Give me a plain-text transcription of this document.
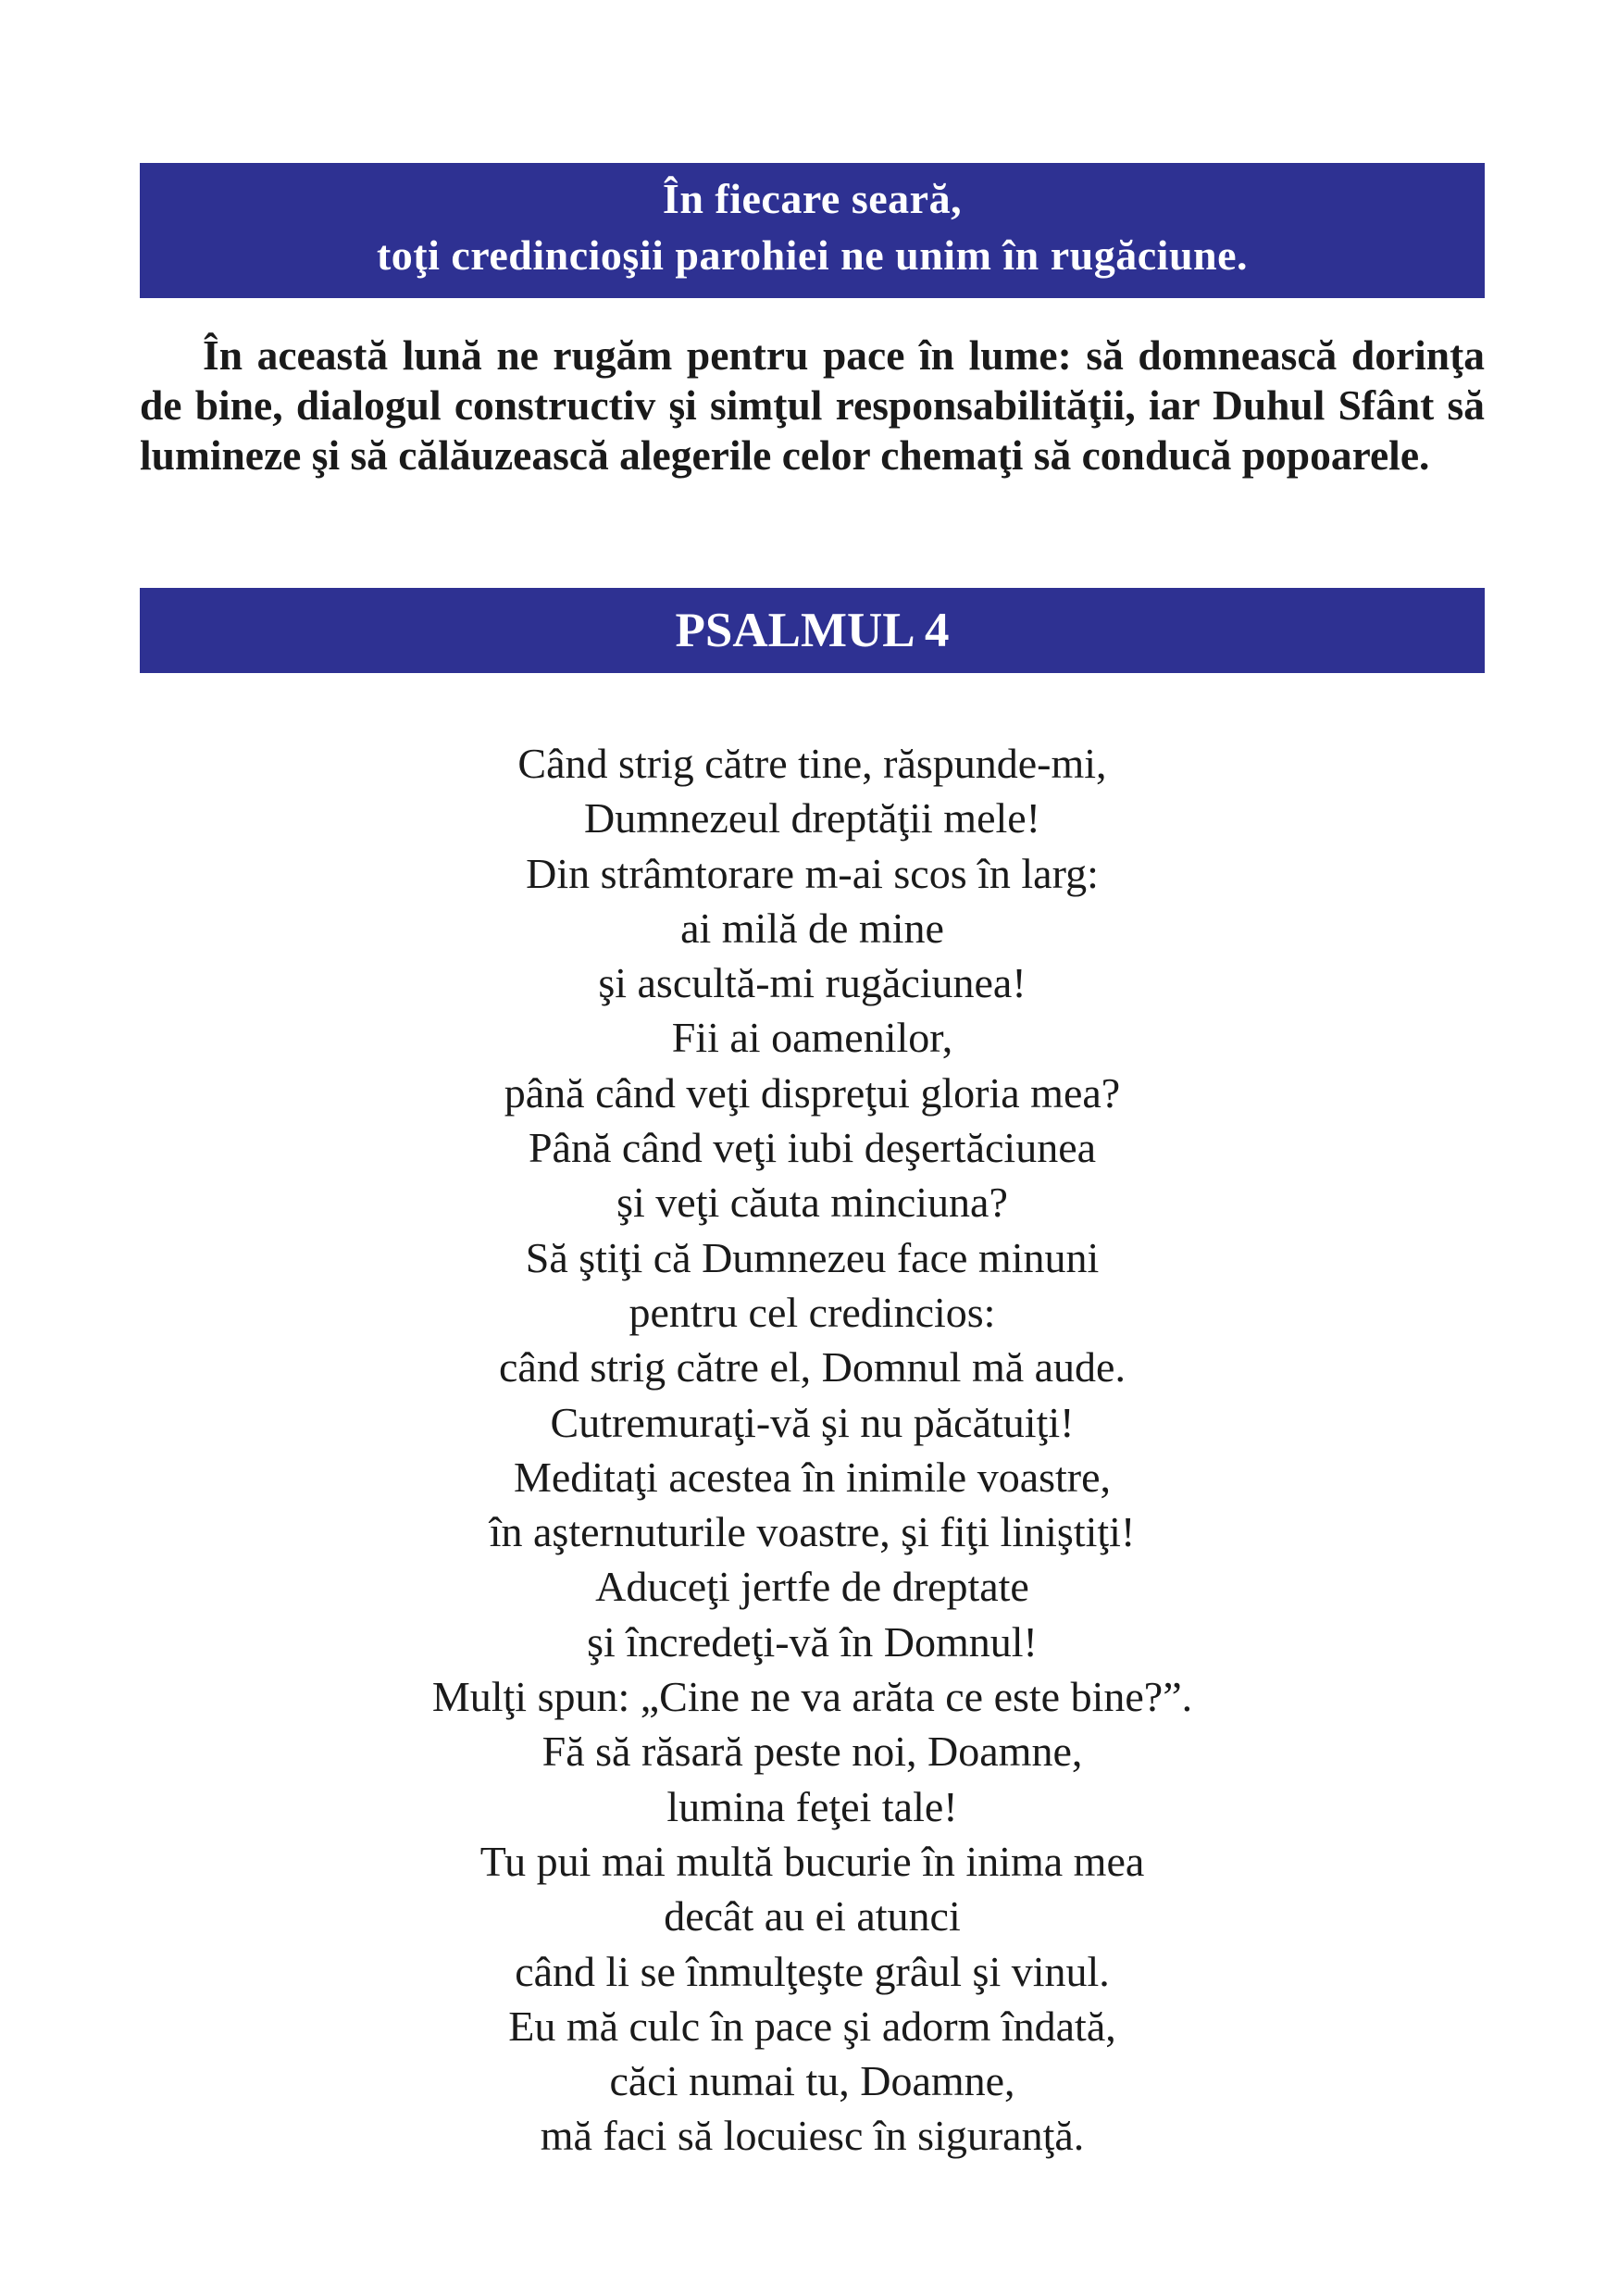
În fiecare seară,
toţi credincioşii parohiei ne unim în rugăciune.

În această lună ne rugăm pentru pace în lume: să domnească dorinţa de bine, dialogul constructiv şi simţul responsabilităţii, iar Duhul Sfânt să lumineze şi să călăuzească alegerile celor chemaţi să conducă popoarele.

PSALMUL 4
Când strig către tine, răspunde-mi,
Dumnezeul dreptăţii mele!
Din strâmtorare m-ai scos în larg:
ai milă de mine
şi ascultă-mi rugăciunea!
Fii ai oamenilor,
până când veţi dispreţui gloria mea?
Până când veţi iubi deşertăciunea
şi veţi căuta minciuna?
Să ştiţi că Dumnezeu face minuni
pentru cel credincios:
când strig către el, Domnul mă aude.
Cutremuraţi-vă şi nu păcătuiţi!
Meditaţi acestea în inimile voastre,
în aşternuturile voastre, şi fiţi liniştiţi!
Aduceţi jertfe de dreptate
şi încredeţi-vă în Domnul!
Mulţi spun: „Cine ne va arăta ce este bine?”.
Fă să răsară peste noi, Doamne,
lumina feţei tale!
Tu pui mai multă bucurie în inima mea
decât au ei atunci
când li se înmulţeşte grâul şi vinul.
Eu mă culc în pace şi adorm îndată,
căci numai tu, Doamne,
mă faci să locuiesc în siguranţă.
